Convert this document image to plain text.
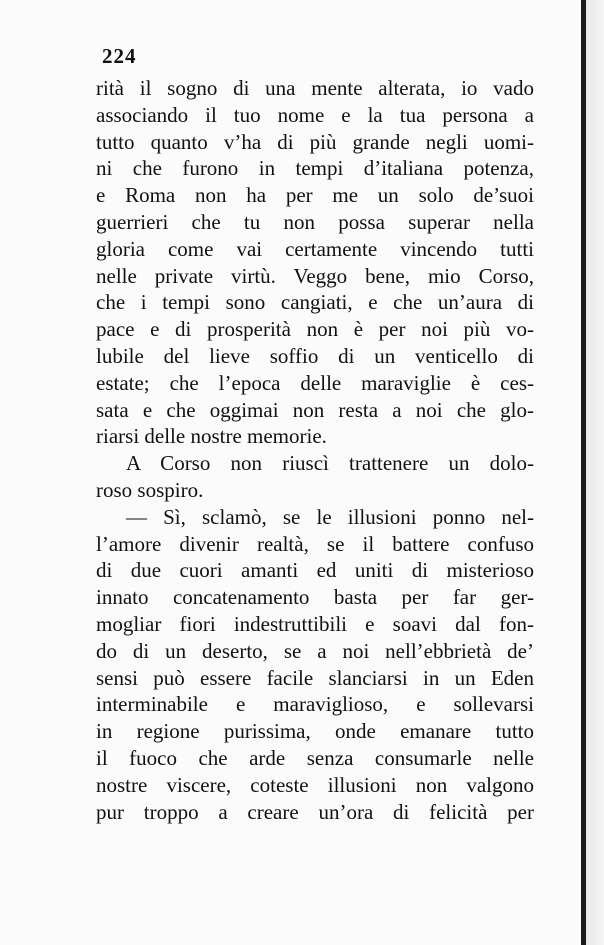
224
rità il sogno di una mente alterata, io vado
associando il tuo nome e la tua persona a
tutto quanto v’ha di più grande negli uomi-
ni che furono in tempi d’italiana potenza,
e Roma non ha per me un solo de’suoi
guerrieri che tu non possa superar nella
gloria come vai certamente vincendo tutti
nelle private virtù. Veggo bene, mio Corso,
che i tempi sono cangiati, e che un’aura di
pace e di prosperità non è per noi più vo-
lubile del lieve soffio di un venticello di
estate; che l’epoca delle maraviglie è ces-
sata e che oggimai non resta a noi che glo-
riarsi delle nostre memorie.
A Corso non riuscì trattenere un dolo-
roso sospiro.
— Sì, sclamò, se le illusioni ponno nel-
l’amore divenir realtà, se il battere confuso
di due cuori amanti ed uniti di misterioso
innato concatenamento basta per far ger-
mogliar fiori indestruttibili e soavi dal fon-
do di un deserto, se a noi nell’ebbrietà de’
sensi può essere facile slanciarsi in un Eden
interminabile e maraviglioso, e sollevarsi
in regione purissima, onde emanare tutto
il fuoco che arde senza consumarle nelle
nostre viscere, coteste illusioni non valgono
pur troppo a creare un’ora di felicità per
